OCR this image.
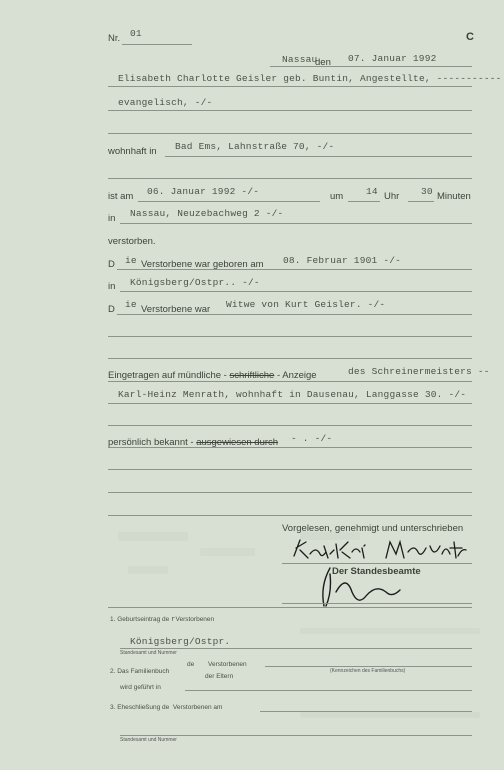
Nr. 01	C
Nassau
den 07. Januar 1992
Elisabeth Charlotte Geisler geb. Buntin, Angestellte, -----------
evangelisch, -/-
wohnhaft in Bad Ems, Lahnstraße 70, -/-
ist am 06. Januar 1992 -/-	um 14 Uhr 30 Minuten
in Nassau, Neuzebachweg 2 -/-
verstorben.
D ie Verstorbene war geboren am 08. Februar 1901 -/-
in Königsberg/Ostpr.. -/-
D ie Verstorbene war Witwe von Kurt Geisler. -/-
Eingetragen auf mündliche - schriftliche - Anzeige	des Schreinermeisters --
Karl-Heinz Menrath, wohnhaft in Dausenau, Langgasse 30. -/-
persönlich bekannt - ausgewiesen durch - . -/-
Vorgelesen, genehmigt und unterschrieben
Der Standesbeamte
1. Geburtseintrag de rVerstorbenen
Königsberg/Ostpr.
Standesamt und Nummer
2. Das Familienbuch
de Verstorbenen
der Eltern
(Kennzeichen des Familienbuchs)
wird geführt in
3. Eheschließung de Verstorbenen am
Standesamt und Nummer
